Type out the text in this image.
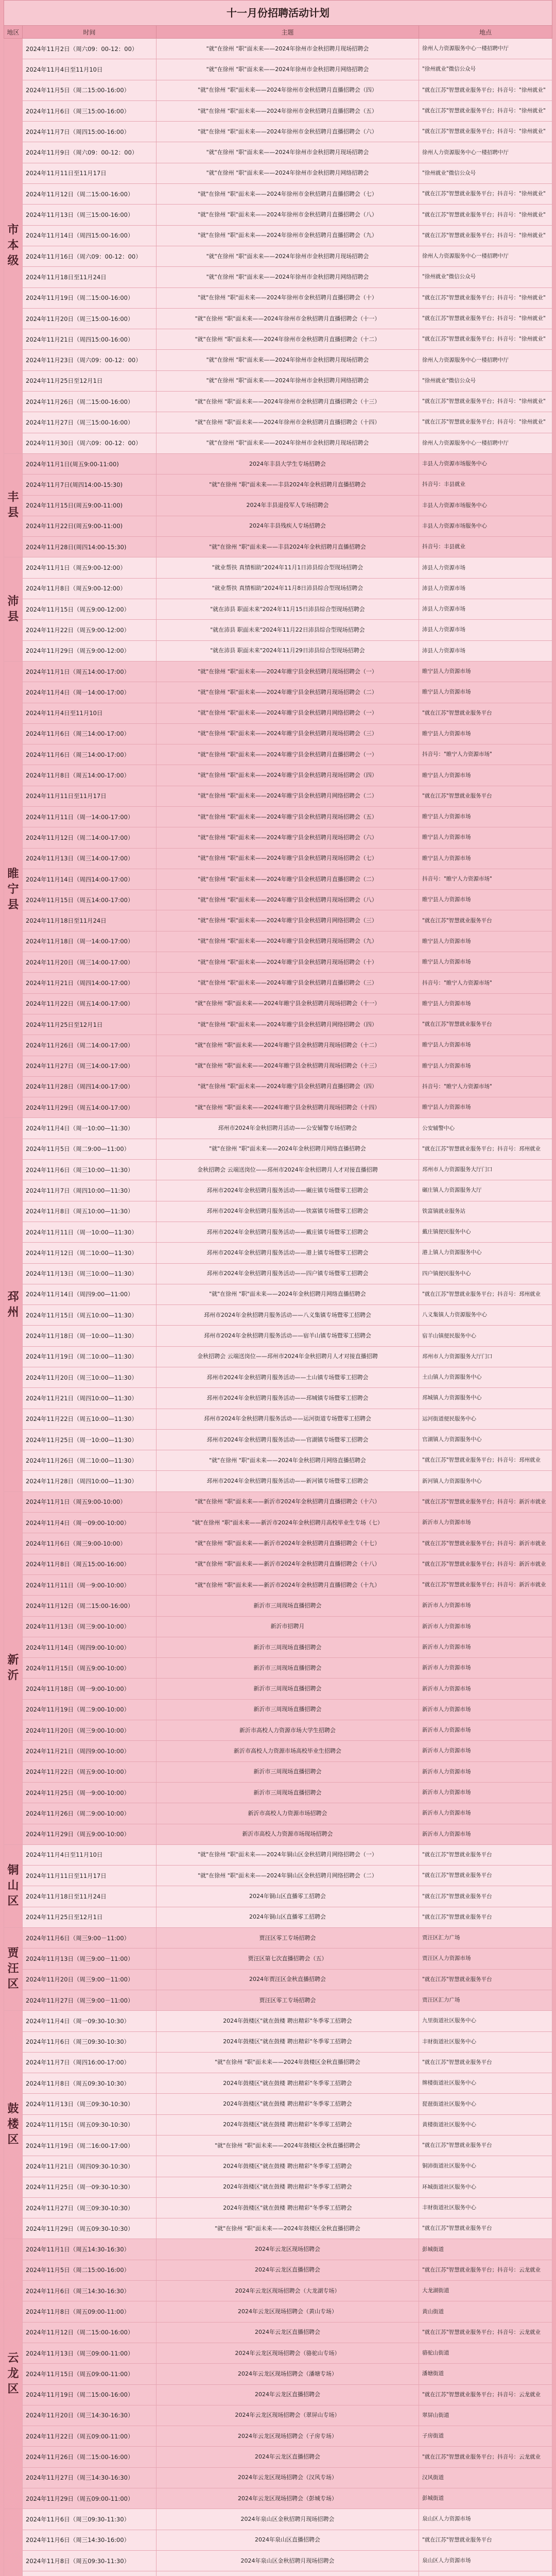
十一月份招聘活动计划
地区	时间	主题	地点
市本级	2024年11月2日（周六09：00-12：00）	"就"在徐州 "职"面未来——2024年徐州市金秋招聘月现场招聘会	徐州人力资源服务中心一楼招聘中厅
	2024年11月4日至11月10日	"就"在徐州 "职"面未来——2024年徐州市金秋招聘月网络招聘会	"徐州就业"微信公众号
	2024年11月5日（周二15:00-16:00）	"就"在徐州 "职"面未来——2024年徐州市金秋招聘月直播招聘会（四）	"就在江苏"智慧就业服务平台；抖音号："徐州就业"
	2024年11月6日（周三15:00-16:00）	"就"在徐州 "职"面未来——2024年徐州市金秋招聘月直播招聘会（五）	"就在江苏"智慧就业服务平台；抖音号："徐州就业"
	2024年11月7日（周四15:00-16:00）	"就"在徐州 "职"面未来——2024年徐州市金秋招聘月直播招聘会（六）	"就在江苏"智慧就业服务平台；抖音号："徐州就业"
	2024年11月9日（周六09：00-12：00）	"就"在徐州 "职"面未来——2024年徐州市金秋招聘月现场招聘会	徐州人力资源服务中心一楼招聘中厅
	2024年11月11日至11月17日	"就"在徐州 "职"面未来——2024年徐州市金秋招聘月网络招聘会	"徐州就业"微信公众号
	2024年11月12日（周二15:00-16:00）	"就"在徐州 "职"面未来——2024年徐州市金秋招聘月直播招聘会（七）	"就在江苏"智慧就业服务平台；抖音号："徐州就业"
	2024年11月13日（周三15:00-16:00）	"就"在徐州 "职"面未来——2024年徐州市金秋招聘月直播招聘会（八）	"就在江苏"智慧就业服务平台；抖音号："徐州就业"
	2024年11月14日（周四15:00-16:00）	"就"在徐州 "职"面未来——2024年徐州市金秋招聘月直播招聘会（九）	"就在江苏"智慧就业服务平台；抖音号："徐州就业"
	2024年11月16日（周六09：00-12：00）	"就"在徐州 "职"面未来——2024年徐州市金秋招聘月现场招聘会	徐州人力资源服务中心一楼招聘中厅
	2024年11月18日至11月24日	"就"在徐州 "职"面未来——2024年徐州市金秋招聘月网络招聘会	"徐州就业"微信公众号
	2024年11月19日（周二15:00-16:00）	"就"在徐州 "职"面未来——2024年徐州市金秋招聘月直播招聘会（十）	"就在江苏"智慧就业服务平台；抖音号："徐州就业"
	2024年11月20日（周三15:00-16:00）	"就"在徐州 "职"面未来——2024年徐州市金秋招聘月直播招聘会（十一）	"就在江苏"智慧就业服务平台；抖音号："徐州就业"
	2024年11月21日（周四15:00-16:00）	"就"在徐州 "职"面未来——2024年徐州市金秋招聘月直播招聘会（十二）	"就在江苏"智慧就业服务平台；抖音号："徐州就业"
	2024年11月23日（周六09：00-12：00）	"就"在徐州 "职"面未来——2024年徐州市金秋招聘月现场招聘会	徐州人力资源服务中心一楼招聘中厅
	2024年11月25日至12月1日	"就"在徐州 "职"面未来——2024年徐州市金秋招聘月网络招聘会	"徐州就业"微信公众号
	2024年11月26日（周二15:00-16:00）	"就"在徐州 "职"面未来——2024年徐州市金秋招聘月直播招聘会（十三）	"就在江苏"智慧就业服务平台；抖音号："徐州就业"
	2024年11月27日（周三15:00-16:00）	"就"在徐州 "职"面未来——2024年徐州市金秋招聘月直播招聘会（十四）	"就在江苏"智慧就业服务平台；抖音号："徐州就业"
	2024年11月30日（周六09：00-12：00）	"就"在徐州 "职"面未来——2024年徐州市金秋招聘月现场招聘会	徐州人力资源服务中心一楼招聘中厅
丰县	2024年11月1日(周五9:00-11:00)	2024年丰县大学生专场招聘会	丰县人力资源市场服务中心
	2024年11月7日(周四14:00-15:30)	"就"在徐州 "职"面未来——丰县2024年金秋招聘月直播招聘会	抖音号：丰县就业
	2024年11月15日(周五9:00-11:00)	2024年丰县退役军人专场招聘会	丰县人力资源市场服务中心
	2024年11月22日(周五9:00-11:00)	2024年丰县残疾人专场招聘会	丰县人力资源市场服务中心
	2024年11月28日(周四14:00-15:30)	"就"在徐州 "职"面未来——丰县2024年金秋招聘月直播招聘会	抖音号：丰县就业
沛县	2024年11月1日（周五9:00-12:00）	"就业帮扶 真情相助"2024年11月1日沛县综合型现场招聘会	沛县人力资源市场
	2024年11月8日（周五9:00-12:00）	"就业帮扶 真情相助"2024年11月8日沛县综合型现场招聘会	沛县人力资源市场
	2024年11月15日（周五9:00-12:00）	"就在沛县 职面未来"2024年11月15日沛县综合型现场招聘会	沛县人力资源市场
	2024年11月22日（周五9:00-12:00）	"就在沛县 职面未来"2024年11月22日沛县综合型现场招聘会	沛县人力资源市场
	2024年11月29日（周五9:00-12:00）	"就在沛县 职面未来"2024年11月29日沛县综合型现场招聘会	沛县人力资源市场
睢宁县	2024年11月1日（周五14:00-17:00）	"就"在徐州 "职"面未来——2024年睢宁县金秋招聘月现场招聘会（一）	睢宁县人力资源市场
	2024年11月4日（周一14:00-17:00）	"就"在徐州 "职"面未来——2024年睢宁县金秋招聘月现场招聘会（二）	睢宁县人力资源市场
	2024年11月4日至11月10日	"就"在徐州 "职"面未来——2024年睢宁县金秋招聘月网络招聘会（一）	"就在江苏"智慧就业服务平台
	2024年11月6日（周三14:00-17:00）	"就"在徐州 "职"面未来——2024年睢宁县金秋招聘月现场招聘会（三）	睢宁县人力资源市场
	2024年11月6日（周三14:00-17:00）	"就"在徐州 "职"面未来——2024年睢宁县金秋招聘月直播招聘会（一）	抖音号："睢宁人力资源市场"
	2024年11月8日（周五14:00-17:00）	"就"在徐州 "职"面未来——2024年睢宁县金秋招聘月现场招聘会（四）	睢宁县人力资源市场
	2024年11月11日至11月17日	"就"在徐州 "职"面未来——2024年睢宁县金秋招聘月网络招聘会（二）	"就在江苏"智慧就业服务平台
	2024年11月11日（周一14:00-17:00）	"就"在徐州 "职"面未来——2024年睢宁县金秋招聘月现场招聘会（五）	睢宁县人力资源市场
	2024年11月12日（周二14:00-17:00）	"就"在徐州 "职"面未来——2024年睢宁县金秋招聘月现场招聘会（六）	睢宁县人力资源市场
	2024年11月13日（周三14:00-17:00）	"就"在徐州 "职"面未来——2024年睢宁县金秋招聘月现场招聘会（七）	睢宁县人力资源市场
	2024年11月14日（周四14:00-17:00）	"就"在徐州 "职"面未来——2024年睢宁县金秋招聘月直播招聘会（二）	抖音号："睢宁人力资源市场"
	2024年11月15日（周五14:00-17:00）	"就"在徐州 "职"面未来——2024年睢宁县金秋招聘月现场招聘会（八）	睢宁县人力资源市场
	2024年11月18日至11月24日	"就"在徐州 "职"面未来——2024年睢宁县金秋招聘月网络招聘会（三）	"就在江苏"智慧就业服务平台
	2024年11月18日（周一14:00-17:00）	"就"在徐州 "职"面未来——2024年睢宁县金秋招聘月现场招聘会（九）	睢宁县人力资源市场
	2024年11月20日（周三14:00-17:00）	"就"在徐州 "职"面未来——2024年睢宁县金秋招聘月现场招聘会（十）	睢宁县人力资源市场
	2024年11月21日（周四14:00-17:00）	"就"在徐州 "职"面未来——2024年睢宁县金秋招聘月直播招聘会（三）	抖音号："睢宁人力资源市场"
	2024年11月22日（周五14:00-17:00）	"就"在徐州 "职"面未来——2024年睢宁县金秋招聘月现场招聘会（十一）	睢宁县人力资源市场
	2024年11月25日至12月1日	"就"在徐州 "职"面未来——2024年睢宁县金秋招聘月网络招聘会（四）	"就在江苏"智慧就业服务平台
	2024年11月26日（周二14:00-17:00）	"就"在徐州 "职"面未来——2024年睢宁县金秋招聘月现场招聘会（十二）	睢宁县人力资源市场
	2024年11月27日（周三14:00-17:00）	"就"在徐州 "职"面未来——2024年睢宁县金秋招聘月现场招聘会（十三）	睢宁县人力资源市场
	2024年11月28日（周四14:00-17:00）	"就"在徐州 "职"面未来——2024年睢宁县金秋招聘月直播招聘会（四）	抖音号："睢宁人力资源市场"
	2024年11月29日（周五14:00-17:00）	"就"在徐州 "职"面未来——2024年睢宁县金秋招聘月现场招聘会（十四）	睢宁县人力资源市场
邳州	2024年11月4日（周一10:00—11:30）	邳州市2024年金秋招聘月活动——公安辅警专场招聘会	公安辅警中心
	2024年11月5日（周二9:00—11:00）	"就"在徐州 "职"面未来——2024年金秋招聘月网络直播招聘会	"就在江苏"智慧就业服务平台；抖音号：邳州就业
	2024年11月6日（周三10:00—11:30）	金秋招聘会 云端送岗位——邳州市2024年金秋招聘月人才对接直播招聘	邳州市人力资源服务大厅门口
	2024年11月7日（周四10:00—11:30）	邳州市2024年金秋招聘月服务活动——碾庄镇专场暨零工招聘会	碾庄镇人力资源服务大厅
	2024年11月8日（周五10:00—11:30）	邳州市2024年金秋招聘月服务活动——铁富镇专场暨零工招聘会	铁富镇就业服务站
	2024年11月11日（周一10:00—11:30）	邳州市2024年金秋招聘月服务活动——戴庄镇专场暨零工招聘会	戴庄镇便民服务中心
	2024年11月12日（周二10:00—11:30）	邳州市2024年金秋招聘月服务活动——港上镇专场暨零工招聘会	港上镇人力资源服务中心
	2024年11月13日（周三10:00—11:30）	邳州市2024年金秋招聘月服务活动——四户镇专场暨零工招聘会	四户镇便民服务中心
	2024年11月14日（周四9:00—11:00）	"就"在徐州 "职"面未来——2024年金秋招聘月网络直播招聘会	"就在江苏"智慧就业服务平台；抖音号：邳州就业
	2024年11月15日（周五10:00—11:30）	邳州市2024年金秋招聘月服务活动——八义集镇专场暨零工招聘会	八义集镇人力资源服务中心
	2024年11月18日（周一10:00—11:30）	邳州市2024年金秋招聘月服务活动——宿羊山镇专场暨零工招聘会	宿羊山镇便民服务中心
	2024年11月19日（周二10:00—11:30）	金秋招聘会 云端送岗位——邳州市2024年金秋招聘月人才对接直播招聘	邳州市人力资源服务大厅门口
	2024年11月20日（周三10:00—11:30）	邳州市2024年金秋招聘月服务活动——土山镇专场暨零工招聘会	土山镇人力资源服务中心
	2024年11月21日（周四10:00—11:30）	邳州市2024年金秋招聘月服务活动——邳城镇专场暨零工招聘会	邳城镇人力资源服务中心
	2024年11月22日（周五10:00—11:30）	邳州市2024年金秋招聘月服务活动——运河街道专场暨零工招聘会	运河街道便民服务中心
	2024年11月25日（周一10:00—11:30）	邳州市2024年金秋招聘月服务活动——官湖镇专场暨零工招聘会	官湖镇人力资源服务中心
	2024年11月26日（周二10:00—11:30）	"就"在徐州 "职"面未来——2024年金秋招聘月网络直播招聘会	"就在江苏"智慧就业服务平台；抖音号：邳州就业
	2024年11月28日（周四10:00—11:30）	邳州市2024年金秋招聘月服务活动——新河镇专场暨零工招聘会	新河镇人力资源服务中心
新沂	2024年11月1日（周五9:00-10:00）	"就"在徐州 "职"面未来——新沂市2024年金秋招聘月直播招聘会（十六）	"就在江苏"智慧就业服务平台；抖音号：新沂市就业
	2024年11月4日（周一09:00-10:00）	"就"在徐州 "职"面未来——新沂市2024年金秋招聘月高校毕业生专场（七）	新沂市人力资源市场
	2024年11月6日（周三9:00-10:00）	"就"在徐州 "职"面未来——新沂市2024年金秋招聘月直播招聘会（十七）	"就在江苏"智慧就业服务平台；抖音号：新沂市就业
	2024年11月8日（周五15:00-16:00）	"就"在徐州 "职"面未来——新沂市2024年金秋招聘月直播招聘会（十八）	"就在江苏"智慧就业服务平台；抖音号：新沂市就业
	2024年11月11日（周一9:00-10:00）	"就"在徐州 "职"面未来——新沂市2024年金秋招聘月直播招聘会（十九）	"就在江苏"智慧就业服务平台；抖音号：新沂市就业
	2024年11月12日（周二15:00-16:00）	新沂市三周现场直播招聘会	新沂市人力资源市场
	2024年11月13日（周三9:00-10:00）	新沂市招聘月	新沂市人力资源市场
	2024年11月14日（周四9:00-10:00）	新沂市三周现场直播招聘会	新沂市人力资源市场
	2024年11月15日（周五9:00-10:00）	新沂市三周现场直播招聘会	新沂市人力资源市场
	2024年11月18日（周一9:00-10:00）	新沂市三周现场直播招聘会	新沂市人力资源市场
	2024年11月19日（周二9:00-10:00）	新沂市三周现场直播招聘会	新沂市人力资源市场
	2024年11月20日（周三9:00-10:00）	新沂市高校人力资源市场大学生招聘会	新沂市人力资源市场
	2024年11月21日（周四9:00-10:00）	新沂市高校人力资源市场高校毕业生招聘会	新沂市人力资源市场
	2024年11月22日（周五9:00-10:00）	新沂市三周现场直播招聘会	新沂市人力资源市场
	2024年11月25日（周一9:00-10:00）	新沂市三周现场直播招聘会	新沂市人力资源市场
	2024年11月26日（周二9:00-10:00）	新沂市高校人力资源市场招聘会	新沂市人力资源市场
	2024年11月29日（周五9:00-10:00）	新沂市高校人力资源市场现场招聘会	新沂市人力资源市场
铜山区	2024年11月4日至11月10日	"就"在徐州 "职"面未来——2024年铜山区金秋招聘月网络招聘会（一）	"就在江苏"智慧就业服务平台
	2024年11月11日至11月17日	"就"在徐州 "职"面未来——2024年铜山区金秋招聘月网络招聘会（二）	"就在江苏"智慧就业服务平台
	2024年11月18日至11月24日	2024年铜山区直播零工招聘会	"就在江苏"智慧就业服务平台
	2024年11月25日至12月1日	2024年铜山区直播零工招聘会	"就在江苏"智慧就业服务平台
贾汪区	2024年11月6日（周三9:00－11:00）	贾汪区零工专场招聘会	贾汪区汇力广场
	2024年11月13日（周三9:00－11:00）	贾汪区第七次直播招聘会（五）	贾汪区人力资源市场
	2024年11月20日（周三9:00－11:00）	2024年贾汪区金秋直播招聘会	"就在江苏"智慧就业服务平台
	2024年11月27日（周三9:00－11:00）	贾汪区零工专场招聘会	贾汪区汇力广场
鼓楼区	2024年11月4日（周一09:30-10:30）	2024年鼓楼区"就在鼓楼 聘出精彩"冬季零工招聘会	九里街道社区服务中心
	2024年11月6日（周三09:30-10:30）	2024年鼓楼区"就在鼓楼 聘出精彩"冬季零工招聘会	丰财街道社区服务中心
	2024年11月7日（周四16:00-17:00）	"就"在徐州 "职"面未来——2024年鼓楼区金秋直播招聘会	"就在江苏"智慧就业服务平台
	2024年11月8日（周五09:30-10:30）	2024年鼓楼区"就在鼓楼 聘出精彩"冬季零工招聘会	牌楼街道社区服务中心
	2024年11月13日（周三09:30-10:30）	2024年鼓楼区"就在鼓楼 聘出精彩"冬季零工招聘会	琵琶街道社区服务中心
	2024年11月15日（周五09:30-10:30）	2024年鼓楼区"就在鼓楼 聘出精彩"冬季零工招聘会	黄楼街道社区服务中心
	2024年11月19日（周二16:00-17:00）	"就"在徐州 "职"面未来——2024年鼓楼区金秋直播招聘会	"就在江苏"智慧就业服务平台
	2024年11月21日（周四09:30-10:30）	2024年鼓楼区"就在鼓楼 聘出精彩"冬季零工招聘会	铜沛街道社区服务中心
	2024年11月25日（周一09:30-10:30）	2024年鼓楼区"就在鼓楼 聘出精彩"冬季零工招聘会	环城街道社区服务中心
	2024年11月27日（周三09:30-10:30）	2024年鼓楼区"就在鼓楼 聘出精彩"冬季零工招聘会	丰财街道社区服务中心
	2024年11月29日（周五09:30-10:30）	"就"在徐州 "职"面未来——2024年鼓楼区金秋直播招聘会	"就在江苏"智慧就业服务平台
云龙区	2024年11月1日（周五14:30-16:30）	2024年云龙区现场招聘会	彭城街道
	2024年11月5日（周二15:00-16:00）	2024年云龙区直播招聘会	"就在江苏"智慧就业服务平台；抖音号：云龙就业
	2024年11月6日（周三14:30-16:30）	2024年云龙区现场招聘会（大龙湖专场）	大龙湖街道
	2024年11月8日（周五09:00-11:00）	2024年云龙区现场招聘会（黄山专场）	黄山街道
	2024年11月12日（周二15:00-16:00）	2024年云龙区直播招聘会	"就在江苏"智慧就业服务平台；抖音号：云龙就业
	2024年11月13日（周三09:00-11:00）	2024年云龙区现场招聘会（骆驼山专场）	骆驼山街道
	2024年11月15日（周五09:00-11:00）	2024年云龙区现场招聘会（潘塘专场）	潘塘街道
	2024年11月19日（周二15:00-16:00）	2024年云龙区直播招聘会	"就在江苏"智慧就业服务平台；抖音号：云龙就业
	2024年11月20日（周三14:30-16:30）	2024年云龙区现场招聘会（翠屏山专场）	翠屏山街道
	2024年11月22日（周五09:00-11:00）	2024年云龙区现场招聘会（子房专场）	子房街道
	2024年11月26日（周二15:00-16:00）	2024年云龙区直播招聘会	"就在江苏"智慧就业服务平台；抖音号：云龙就业
	2024年11月27日（周三14:30-16:30）	2024年云龙区现场招聘会（汉风专场）	汉风街道
	2024年11月29日（周五09:00-11:00）	2024年云龙区现场招聘会（彭城专场）	彭城街道
	2024年11月6日（周三09:30-11:30）	2024年泉山区金秋招聘月现场招聘会	泉山区人力资源市场
	2024年11月6日（周三14:30-16:00）	2024年泉山区直播招聘会	"就在江苏"智慧就业服务平台
	2024年11月8日（周五09:30-11:30）	2024年泉山区金秋招聘月现场招聘会	泉山区人力资源市场
